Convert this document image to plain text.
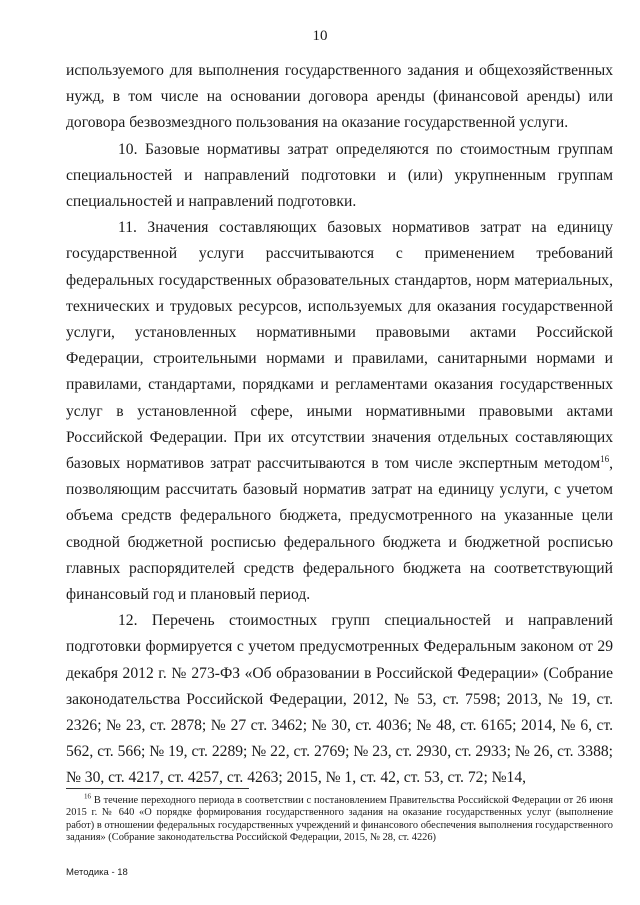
10

используемого для выполнения государственного задания и общехозяйственных нужд, в том числе на основании договора аренды (финансовой аренды) или договора безвозмездного пользования на оказание государственной услуги.

10. Базовые нормативы затрат определяются по стоимостным группам специальностей и направлений подготовки и (или) укрупненным группам специальностей и направлений подготовки.

11. Значения составляющих базовых нормативов затрат на единицу государственной услуги рассчитываются с применением требований федеральных государственных образовательных стандартов, норм материальных, технических и трудовых ресурсов, используемых для оказания государственной услуги, установленных нормативными правовыми актами Российской Федерации, строительными нормами и правилами, санитарными нормами и правилами, стандартами, порядками и регламентами оказания государственных услуг в установленной сфере, иными нормативными правовыми актами Российской Федерации. При их отсутствии значения отдельных составляющих базовых нормативов затрат рассчитываются в том числе экспертным методом$^{16}$, позволяющим рассчитать базовый норматив затрат на единицу услуги, с учетом объема средств федерального бюджета, предусмотренного на указанные цели сводной бюджетной росписью федерального бюджета и бюджетной росписью главных распорядителей средств федерального бюджета на соответствующий финансовый год и плановый период.

12. Перечень стоимостных групп специальностей и направлений подготовки формируется с учетом предусмотренных Федеральным законом от 29 декабря 2012 г. № 273-ФЗ «Об образовании в Российской Федерации» (Собрание законодательства Российской Федерации, 2012, № 53, ст. 7598; 2013, № 19, ст. 2326; № 23, ст. 2878; № 27 ст. 3462; № 30, ст. 4036; № 48, ст. 6165; 2014, № 6, ст. 562, ст. 566; № 19, ст. 2289; № 22, ст. 2769; № 23, ст. 2930, ст. 2933; № 26, ст. 3388; № 30, ст. 4217, ст. 4257, ст. 4263; 2015, № 1, ст. 42, ст. 53, ст. 72; №14,

$^{16}$ В течение переходного периода в соответствии с постановлением Правительства Российской Федерации от 26 июня 2015 г. № 640 «О порядке формирования государственного задания на оказание государственных услуг (выполнение работ) в отношении федеральных государственных учреждений и финансового обеспечения выполнения государственного задания» (Собрание законодательства Российской Федерации, 2015, № 28, ст. 4226)
Методика - 18
